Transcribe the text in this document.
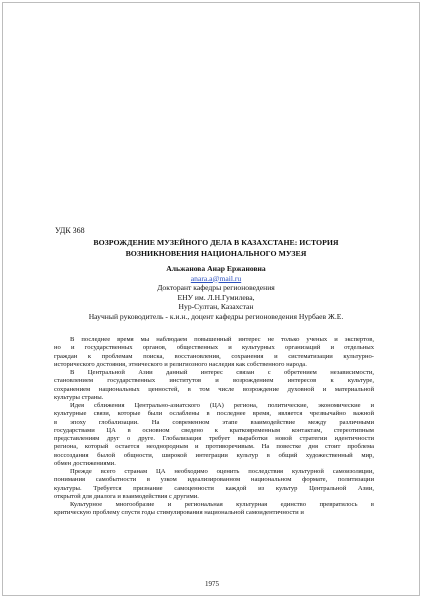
УДК 368
ВОЗРОЖДЕНИЕ МУЗЕЙНОГО ДЕЛА В КАЗАХСТАНЕ: ИСТОРИЯ
ВОЗНИКНОВЕНИЯ НАЦИОНАЛЬНОГО МУЗЕЯ
Альжанова Анар Ержановна
anara.a@mail.ru
Докторант кафедры регионоведения
ЕНУ им. Л.Н.Гумилева,
Нур-Султан, Казахстан
Научный руководитель - к.и.н., доцент кафедры регионоведения Нурбаев Ж.Е.
В последнее время мы наблюдаем повышенный интерес не только ученых и экспертов,
но и государственных органов, общественных и культурных организаций и отдельных
граждан к проблемам поиска, восстановления, сохранения и систематизации культурно-
исторического достояния, этнического и религиозного наследия как собственного народа.
В Центральной Азии данный интерес связан с обретением независимости,
становлением государственных институтов и возрождением интересов к культуре,
сохранением национальных ценностей, в том числе возрождение духовной и материальной
культуры страны.
Идея сближения Центрально-азиатского (ЦА) региона, политические, экономические и
культурные связи, которые были ослаблены в последнее время, является чрезвычайно важной
в эпоху глобализации. На современном этапе взаимодействие между различными
государствами ЦА в основном сведено к кратковременным контактам, стереотипным
представлениям друг о друге. Глобализация требует выработки новой стратегии идентичности
региона, который остается неоднородным и противоречивым. На повестке дня стоит проблема
воссоздания былой общности, широкой интеграции культур в общий художественный мир,
обмен достижениями.
Прежде всего странам ЦА необходимо оценить последствия культурной самоизоляции,
понимания самобытности в узком идеализированном национальном формате, политизации
культуры. Требуется признание самоценности каждой из культур Центральной Азии,
открытой для диалога и взаимодействия с другими.
Культурное многообразие и региональная культурная единство превратилось в
критическую проблему спустя годы стимулирования национальной самоидентичности и
1975
